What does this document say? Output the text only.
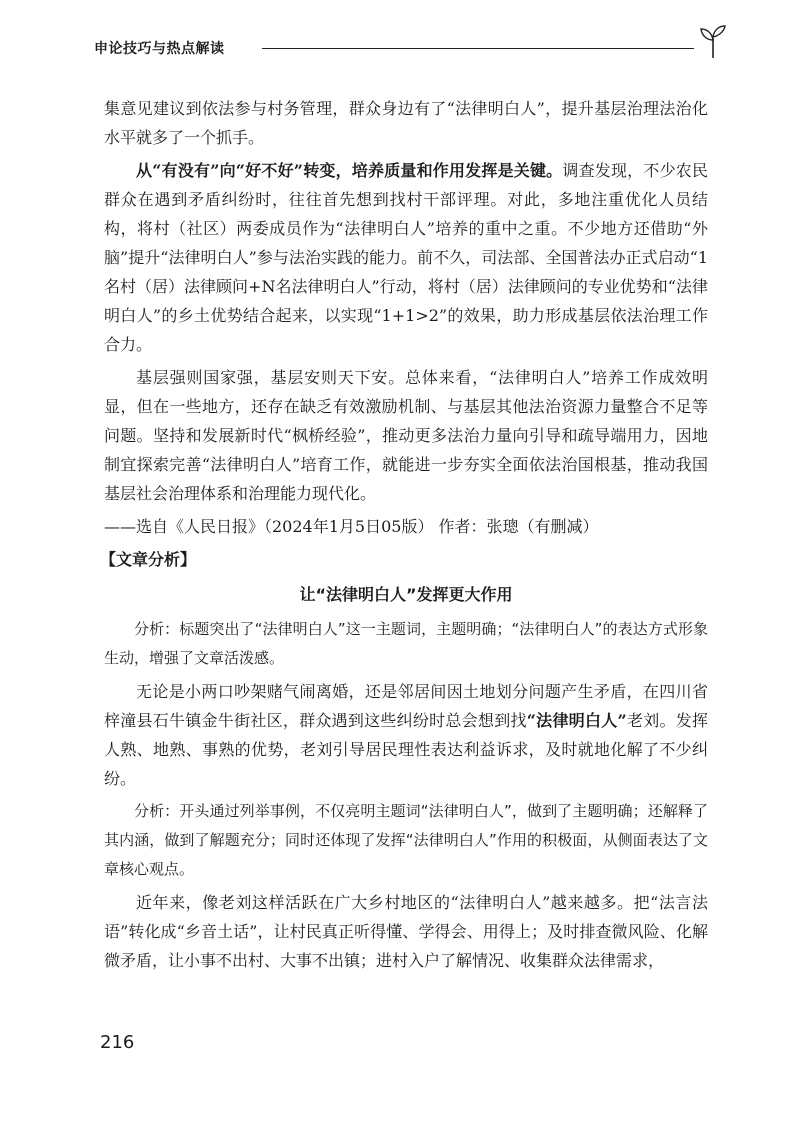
申论技巧与热点解读

集意见建议到依法参与村务管理，群众身边有了“法律明白人”，提升基层治理法治化水平就多了一个抓手。

从“有没有”向“好不好”转变，培养质量和作用发挥是关键。调查发现，不少农民群众在遇到矛盾纠纷时，往往首先想到找村干部评理。对此，多地注重优化人员结构，将村（社区）两委成员作为“法律明白人”培养的重中之重。不少地方还借助“外脑”提升“法律明白人”参与法治实践的能力。前不久，司法部、全国普法办正式启动“1名村（居）法律顾问+N名法律明白人”行动，将村（居）法律顾问的专业优势和“法律明白人”的乡土优势结合起来，以实现“1+1>2”的效果，助力形成基层依法治理工作合力。

基层强则国家强，基层安则天下安。总体来看，“法律明白人”培养工作成效明显，但在一些地方，还存在缺乏有效激励机制、与基层其他法治资源力量整合不足等问题。坚持和发展新时代“枫桥经验”，推动更多法治力量向引导和疏导端用力，因地制宜探索完善“法律明白人”培育工作，就能进一步夯实全面依法治国根基，推动我国基层社会治理体系和治理能力现代化。

——选自《人民日报》（2024年1月5日05版） 作者：张璁（有删减）

【文章分析】
让“法律明白人”发挥更大作用

分析：标题突出了“法律明白人”这一主题词，主题明确；“法律明白人”的表达方式形象生动，增强了文章活泼感。

无论是小两口吵架赌气闹离婚，还是邻居间因土地划分问题产生矛盾，在四川省梓潼县石牛镇金牛街社区，群众遇到这些纠纷时总会想到找“法律明白人”老刘。发挥人熟、地熟、事熟的优势，老刘引导居民理性表达利益诉求，及时就地化解了不少纠纷。

分析：开头通过列举事例，不仅亮明主题词“法律明白人”，做到了主题明确；还解释了其内涵，做到了解题充分；同时还体现了发挥“法律明白人”作用的积极面，从侧面表达了文章核心观点。

近年来，像老刘这样活跃在广大乡村地区的“法律明白人”越来越多。把“法言法语”转化成“乡音土话”，让村民真正听得懂、学得会、用得上；及时排查微风险、化解微矛盾，让小事不出村、大事不出镇；进村入户了解情况、收集群众法律需求，

216
